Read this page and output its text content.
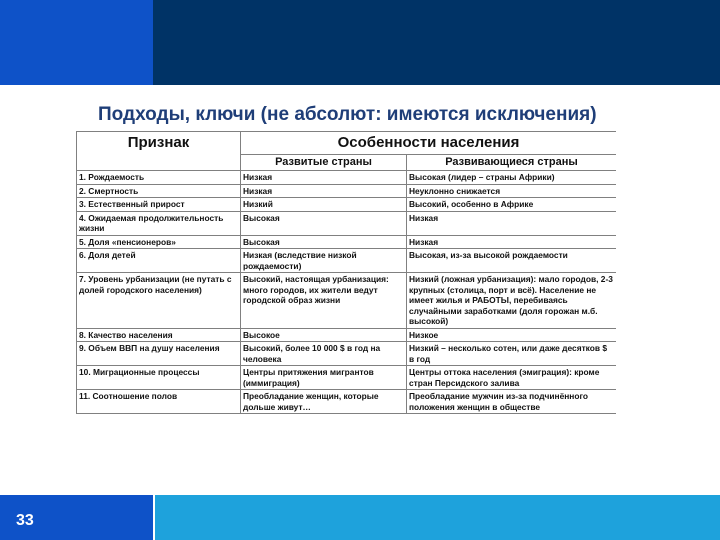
Подходы, ключи (не абсолют: имеются исключения)
Признак	Особенности населения	
	Развитые страны	Развивающиеся страны
1. Рождаемость	Низкая	Высокая (лидер – страны Африки)
2. Смертность	Низкая	Неуклонно снижается
3. Естественный прирост	Низкий	Высокий, особенно в Африке
4. Ожидаемая продолжительность жизни	Высокая	Низкая
5. Доля «пенсионеров»	Высокая	Низкая
6. Доля детей	Низкая (вследствие низкой рождаемости)	Высокая, из-за высокой рождаемости
7. Уровень урбанизации (не путать с долей городского населения)	Высокий, настоящая урбанизация: много городов, их жители ведут городской образ жизни	Низкий (ложная урбанизация): мало городов, 2-3 крупных (столица, порт и всё). Население не имеет жилья и РАБОТЫ, перебиваясь случайными заработками (доля горожан м.б. высокой)
8. Качество населения	Высокое	Низкое
9. Объем ВВП на душу населения	Высокий, более 10 000 $ в год на человека	Низкий – несколько сотен, или даже десятков $ в год
10. Миграционные процессы	Центры притяжения мигрантов (иммиграция)	Центры оттока населения (эмиграция): кроме стран Персидского залива
11. Соотношение полов	Преобладание женщин, которые дольше живут…	Преобладание мужчин из-за подчинённого положения женщин в обществе
33
